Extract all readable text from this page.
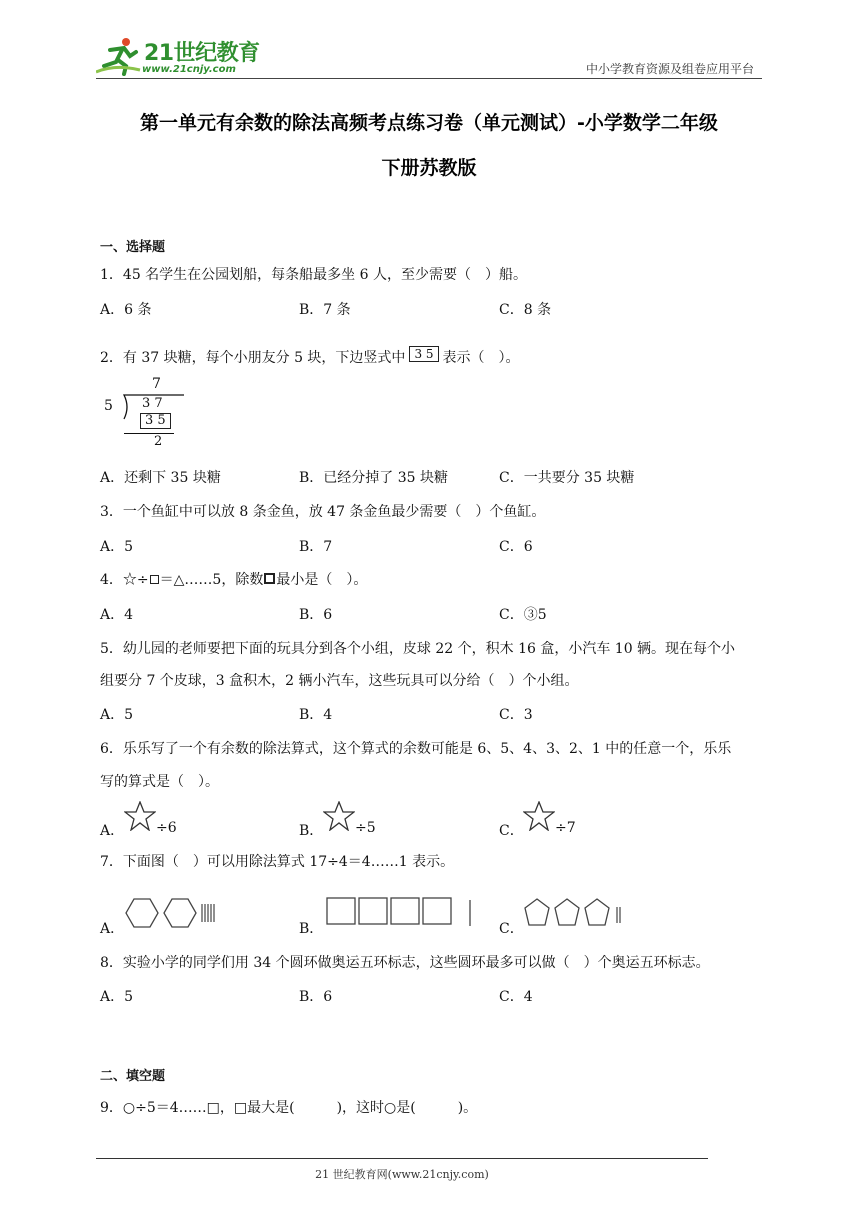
21世纪教育
www.21cnjy.com	中小学教育资源及组卷应用平台
第一单元有余数的除法高频考点练习卷（单元测试）-小学数学二年级
下册苏教版
一、选择题
1．45 名学生在公园划船，每条船最多坐 6 人，至少需要（　）船。
A．6 条	B．7 条	C．8 条
2．有 37 块糖，每个小朋友分 5 块，下边竖式中 3 5 表示（　）。
7
5 3 7
3 5
2
A．还剩下 35 块糖	B．已经分掉了 35 块糖	C．一共要分 35 块糖
3．一个鱼缸中可以放 8 条金鱼，放 47 条金鱼最少需要（　）个鱼缸。
A．5	B．7	C．6
4．☆÷ ＝△……5，除数 最小是（　）。
A．4	B．6	C．③5
5．幼儿园的老师要把下面的玩具分到各个小组，皮球 22 个，积木 16 盒，小汽车 10 辆。现在每个小
组要分 7 个皮球，3 盒积木，2 辆小汽车，这些玩具可以分给（　）个小组。
A．5	B．4	C．3
6．乐乐写了一个有余数的除法算式，这个算式的余数可能是 6、5、4、3、2、1 中的任意一个，乐乐
写的算式是（　）。
A． ÷6	B． ÷5	C． ÷7
7．下面图（　）可以用除法算式 17÷4＝4……1 表示。
A．	B．	C．
8．实验小学的同学们用 34 个圆环做奥运五环标志，这些圆环最多可以做（　）个奥运五环标志。
A．5	B．6	C．4
二、填空题
9．○÷5＝4……□，□最大是(　　　)，这时○是(　　　)。
21 世纪教育网(www.21cnjy.com)
